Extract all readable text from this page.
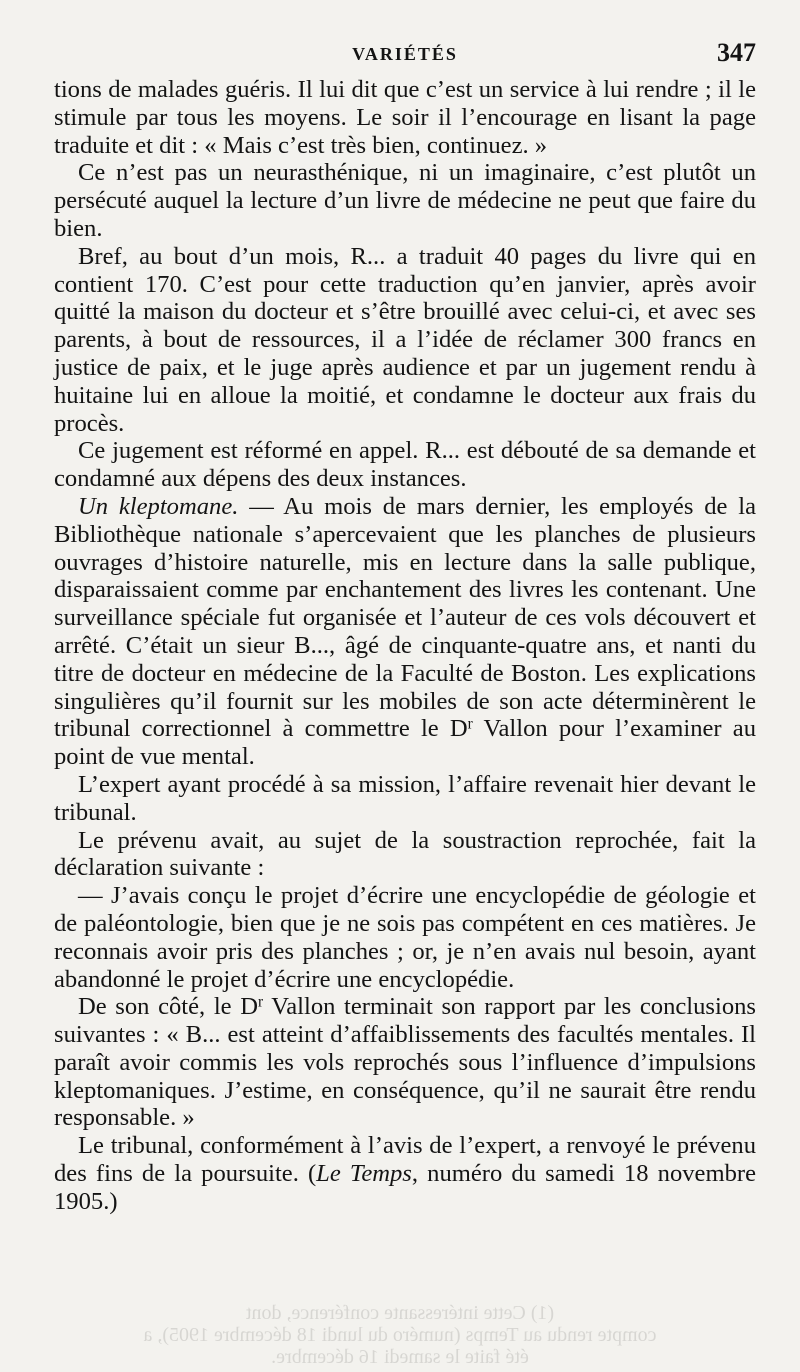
VARIÉTÉS	347

tions de malades guéris. Il lui dit que c’est un service à lui rendre ; il le stimule par tous les moyens. Le soir il l’encourage en lisant la page traduite et dit : « Mais c’est très bien, continuez. »

Ce n’est pas un neurasthénique, ni un imaginaire, c’est plutôt un persécuté auquel la lecture d’un livre de médecine ne peut que faire du bien.

Bref, au bout d’un mois, R... a traduit 40 pages du livre qui en contient 170. C’est pour cette traduction qu’en janvier, après avoir quitté la maison du docteur et s’être brouillé avec celui-ci, et avec ses parents, à bout de ressources, il a l’idée de réclamer 300 francs en justice de paix, et le juge après audience et par un jugement rendu à huitaine lui en alloue la moitié, et condamne le docteur aux frais du procès.

Ce jugement est réformé en appel. R... est débouté de sa demande et condamné aux dépens des deux instances.

Un kleptomane. — Au mois de mars dernier, les employés de la Bibliothèque nationale s’apercevaient que les planches de plusieurs ouvrages d’histoire naturelle, mis en lecture dans la salle publique, disparaissaient comme par enchantement des livres les contenant. Une surveillance spéciale fut organisée et l’auteur de ces vols découvert et arrêté. C’était un sieur B..., âgé de cinquante-quatre ans, et nanti du titre de docteur en médecine de la Faculté de Boston. Les explications singulières qu’il fournit sur les mobiles de son acte déterminèrent le tribunal correctionnel à commettre le $D^r$ Vallon pour l’examiner au point de vue mental.

L’expert ayant procédé à sa mission, l’affaire revenait hier devant le tribunal.

Le prévenu avait, au sujet de la soustraction reprochée, fait la déclaration suivante :

— J’avais conçu le projet d’écrire une encyclopédie de géologie et de paléontologie, bien que je ne sois pas compétent en ces matières. Je reconnais avoir pris des planches ; or, je n’en avais nul besoin, ayant abandonné le projet d’écrire une encyclopédie.

De son côté, le $D^r$ Vallon terminait son rapport par les conclusions suivantes : « B... est atteint d’affaiblissements des facultés mentales. Il paraît avoir commis les vols reprochés sous l’influence d’impulsions kleptomaniques. J’estime, en conséquence, qu’il ne saurait être rendu responsable. »

Le tribunal, conformément à l’avis de l’expert, a renvoyé le prévenu des fins de la poursuite. (Le Temps, numéro du samedi 18 novembre 1905.)

(1) Cette intéressante conférence, dont
compte rendu au Temps (numéro du lundi 18 décembre 1905), a
été faite le samedi 16 décembre.
